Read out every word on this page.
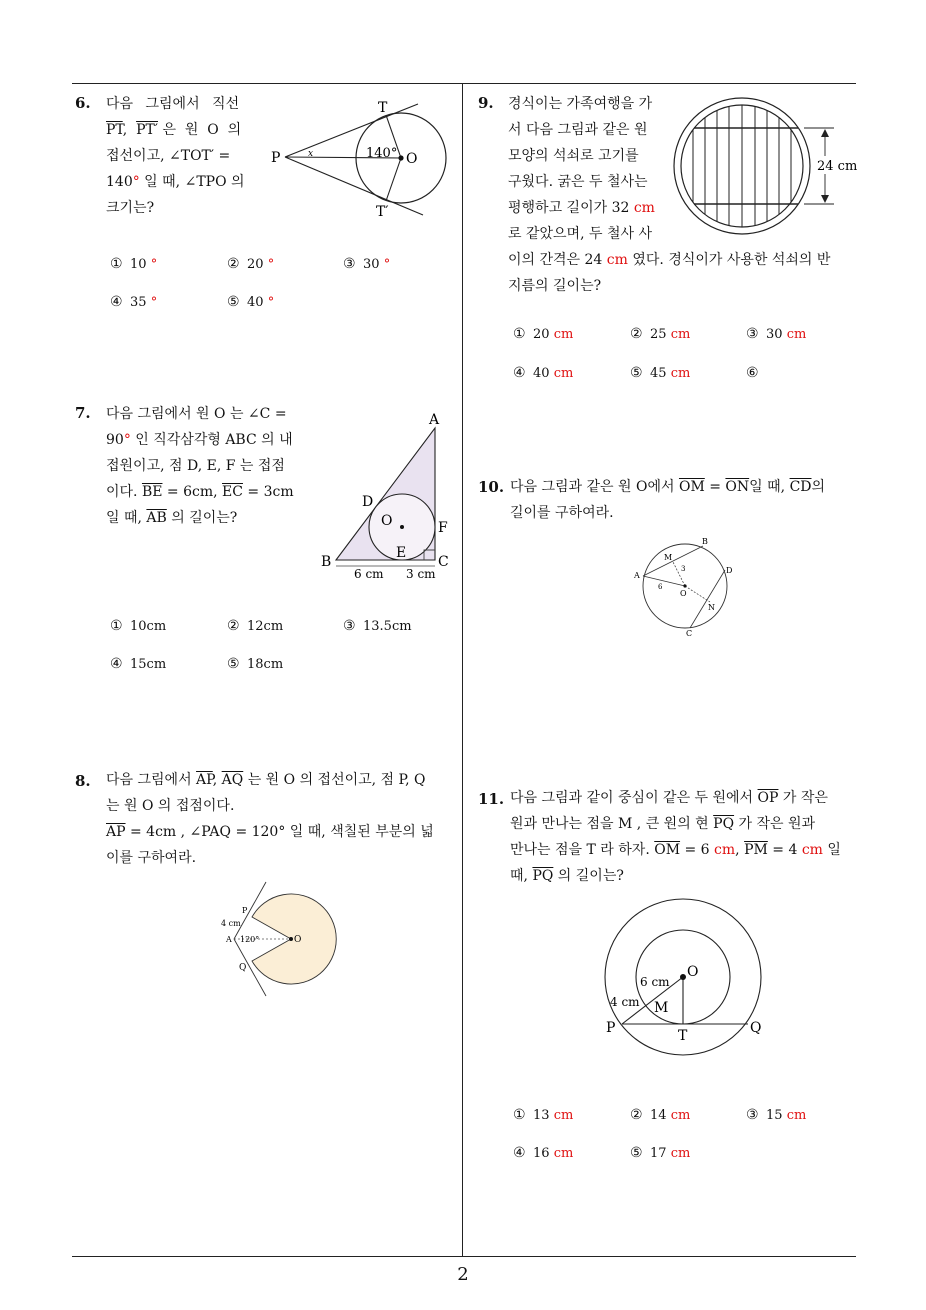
2
6. 다음 그림에서 직선
$\overline{PT}$,  PT′ 은  원  O  의
접선이고, ∠TOT′ =
140° 일 때, ∠TPO 의
크기는?
T
T′
P	O
140°
x
① 10 °	② 20 °	③ 30 °
④ 35 °	⑤ 40 °
7. 다음 그림에서 원 O 는 ∠C =
90° 인 직각삼각형 ABC 의 내
접원이고, 점 D, E, F 는 접점
이다. $\overline{BE} = 6cm$, $\overline{EC} = 3cm$
일 때, $\overline{AB}$ 의 길이는?
A
B	C
D
E
F
O
6 cm 3 cm
① 10cm	② 12cm	③ 13.5cm
④ 15cm	⑤ 18cm
8. 다음 그림에서 $\overline{AP}$, $\overline{AQ}$ 는 원 O 의 접선이고, 점 P, Q
는 원 O 의 접점이다.
$\overline{AP} = 4cm$ , ∠PAQ = 120° 일 때, 색칠된 부분의 넓
이를 구하여라.
P
Q
A	O
4 cm
120°
9. 경식이는 가족여행을 가
서 다음 그림과 같은 원
모양의 석쇠로 고기를
구웠다. 굵은 두 철사는
평행하고 길이가 32 cm
로 같았으며, 두 철사 사
이의 간격은 24 cm 였다. 경식이가 사용한 석쇠의 반
지름의 길이는?
24 cm
① 20 cm	② 25 cm	③ 30 cm
④ 40 cm	⑤ 45 cm	⑥
10. 다음 그림과 같은 원 O에서 $\overline{OM} = \overline{ON}$일 때, $\overline{CD}$의
길이를 구하여라.
A
B
C
D
M
N
O
3
6
11. 다음 그림과 같이 중심이 같은 두 원에서 $\overline{OP}$ 가 작은
원과 만나는 점을 M , 큰 원의 현 $\overline{PQ}$ 가 작은 원과
만나는 점을 T 라 하자. $\overline{OM} = 6$ cm, $\overline{PM} = 4$ cm 일
때, $\overline{PQ}$ 의 길이는?
O
M
P	T	Q
6 cm
4 cm
① 13 cm	② 14 cm	③ 15 cm
④ 16 cm	⑤ 17 cm
